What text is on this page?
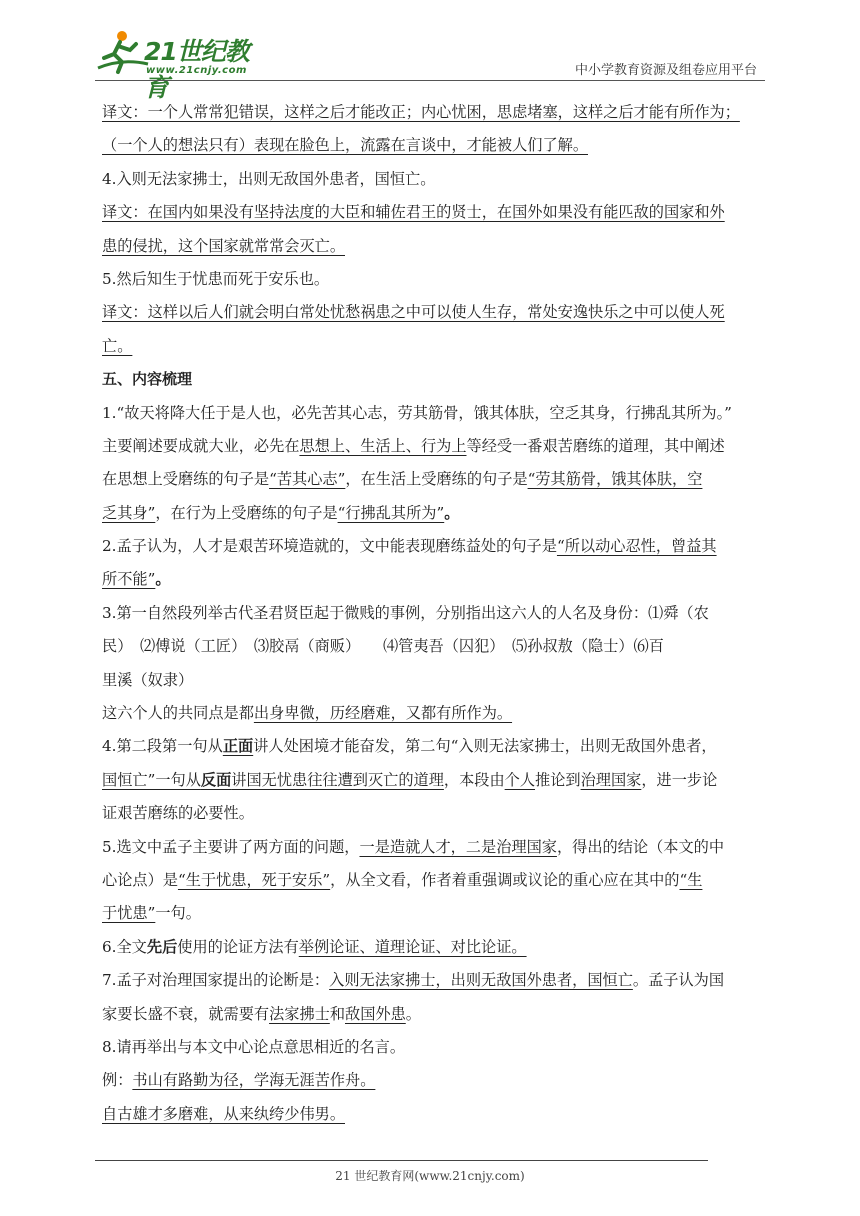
21世纪教育
www.21cnjy.com	中小学教育资源及组卷应用平台
译文：一个人常常犯错误，这样之后才能改正；内心忧困，思虑堵塞，这样之后才能有所作为；
（一个人的想法只有）表现在脸色上，流露在言谈中，才能被人们了解。
4.入则无法家拂士，出则无敌国外患者，国恒亡。
译文：在国内如果没有坚持法度的大臣和辅佐君王的贤士，在国外如果没有能匹敌的国家和外
患的侵扰，这个国家就常常会灭亡。
5.然后知生于忧患而死于安乐也。
译文：这样以后人们就会明白常处忧愁祸患之中可以使人生存，常处安逸快乐之中可以使人死
亡。
五、内容梳理
1.“故天将降大任于是人也，必先苦其心志，劳其筋骨，饿其体肤，空乏其身，行拂乱其所为。”
主要阐述要成就大业，必先在思想上、生活上、行为上等经受一番艰苦磨练的道理，其中阐述
在思想上受磨练的句子是“苦其心志”，在生活上受磨练的句子是“劳其筋骨，饿其体肤，空
乏其身”，在行为上受磨练的句子是“行拂乱其所为”。
2.孟子认为，人才是艰苦环境造就的，文中能表现磨练益处的句子是“所以动心忍性，曾益其
所不能”。
3.第一自然段列举古代圣君贤臣起于微贱的事例，分别指出这六人的人名及身份：⑴舜（农
民）　⑵傅说（工匠）　⑶胶鬲（商贩）　　⑷管夷吾（囚犯）　⑸孙叔敖（隐士）⑹百
里溪（奴隶）
这六个人的共同点是都出身卑微，历经磨难，又都有所作为。
4.第二段第一句从正面讲人处困境才能奋发，第二句“入则无法家拂士，出则无敌国外患者，
国恒亡”一句从反面讲国无忧患往往遭到灭亡的道理，本段由个人推论到治理国家，进一步论
证艰苦磨练的必要性。
5.选文中孟子主要讲了两方面的问题，一是造就人才，二是治理国家，得出的结论（本文的中
心论点）是“生于忧患，死于安乐”，从全文看，作者着重强调或议论的重心应在其中的“生
于忧患”一句。
6.全文先后使用的论证方法有举例论证、道理论证、对比论证。
7.孟子对治理国家提出的论断是：入则无法家拂士，出则无敌国外患者，国恒亡。孟子认为国
家要长盛不衰，就需要有法家拂士和敌国外患。
8.请再举出与本文中心论点意思相近的名言。
例：书山有路勤为径，学海无涯苦作舟。
自古雄才多磨难，从来纨绔少伟男。
21 世纪教育网(www.21cnjy.com)
